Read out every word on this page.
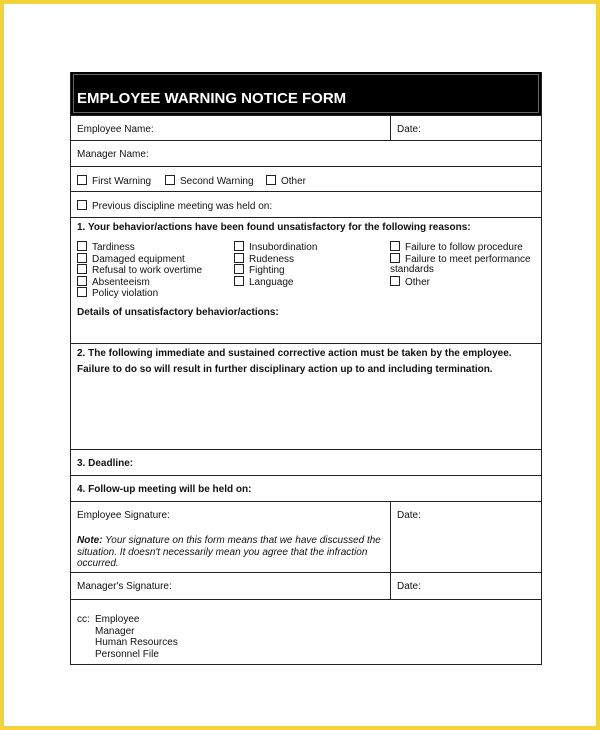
EMPLOYEE WARNING NOTICE FORM
Employee Name:	Date:
Manager Name:
First Warning	Second Warning	Other
Previous discipline meeting was held on:
1. Your behavior/actions have been found unsatisfactory for the following reasons:
Tardiness
Damaged equipment
Refusal to work overtime
Absenteeism
Policy violation
Insubordination
Rudeness
Fighting
Language
Failure to follow procedure
Failure to meet performance
standards
Other
Details of unsatisfactory behavior/actions:
2. The following immediate and sustained corrective action must be taken by the employee.
Failure to do so will result in further disciplinary action up to and including termination.
3. Deadline:
4. Follow-up meeting will be held on:
Employee Signature:
Note: Your signature on this form means that we have discussed the situation. It doesn't necessarily mean you agree that the infraction occurred.
Date:
Manager's Signature:	Date:
cc: Employee
Manager
Human Resources
Personnel File
